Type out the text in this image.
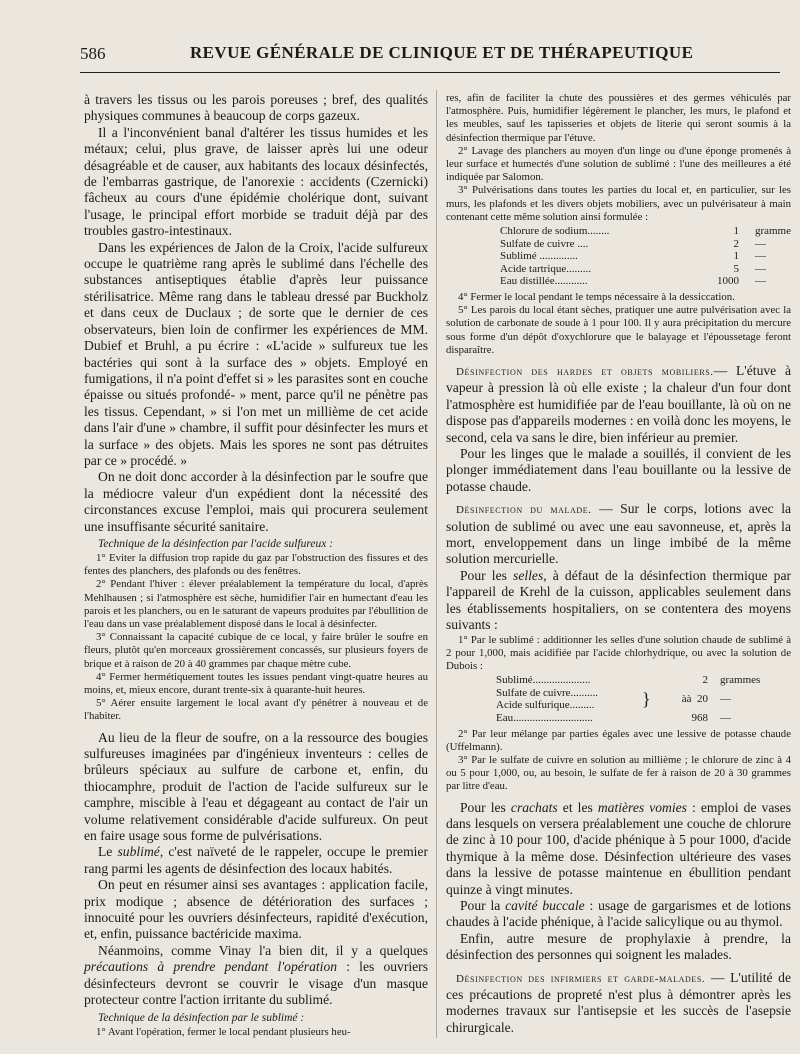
586	REVUE GÉNÉRALE DE CLINIQUE ET DE THÉRAPEUTIQUE

à travers les tissus ou les parois poreuses ; bref, des qualités physiques communes à beaucoup de corps gazeux.

Il a l'inconvénient banal d'altérer les tissus humides et les métaux; celui, plus grave, de laisser après lui une odeur désagréable et de causer, aux habitants des locaux désinfectés, de l'embarras gastrique, de l'anorexie : accidents (Czernicki) fâcheux au cours d'une épidémie cholérique dont, suivant l'usage, le principal effort morbide se traduit déjà par des troubles gastro-intestinaux.

Dans les expériences de Jalon de la Croix, l'acide sulfureux occupe le quatrième rang après le sublimé dans l'échelle des substances antiseptiques établie d'après leur puissance stérilisatrice. Même rang dans le tableau dressé par Buckholz et dans ceux de Duclaux ; de sorte que le dernier de ces observateurs, bien loin de confirmer les expériences de MM. Dubief et Bruhl, a pu écrire : «L'acide » sulfureux tue les bactéries qui sont à la surface des » objets. Employé en fumigations, il n'a point d'effet si » les parasites sont en couche épaisse ou situés profondé- » ment, parce qu'il ne pénètre pas les tissus. Cependant, » si l'on met un millième de cet acide dans l'air d'une » chambre, il suffit pour désinfecter les murs et la surface » des objets. Mais les spores ne sont pas détruites par ce » procédé. »

On ne doit donc accorder à la désinfection par le soufre que la médiocre valeur d'un expédient dont la nécessité des circonstances excuse l'emploi, mais qui procurera seulement une insuffisante sécurité sanitaire.

Technique de la désinfection par l'acide sulfureux :

1° Eviter la diffusion trop rapide du gaz par l'obstruction des fissures et des fentes des planchers, des plafonds ou des fenêtres.

2° Pendant l'hiver : élever préalablement la température du local, d'après Mehlhausen ; si l'atmosphère est sèche, humidifier l'air en humectant d'eau les parois et les planchers, ou en le saturant de vapeurs produites par l'ébullition de l'eau dans un vase préalablement disposé dans le local à désinfecter.

3° Connaissant la capacité cubique de ce local, y faire brûler le soufre en fleurs, plutôt qu'en morceaux grossièrement concassés, sur plusieurs foyers de brique et à raison de 20 à 40 grammes par chaque mètre cube.

4° Fermer hermétiquement toutes les issues pendant vingt-quatre heures au moins, et, mieux encore, durant trente-six à quarante-huit heures.

5° Aérer ensuite largement le local avant d'y pénétrer à nouveau et de l'habiter.

Au lieu de la fleur de soufre, on a la ressource des bougies sulfureuses imaginées par d'ingénieux inventeurs : celles de brûleurs spéciaux au sulfure de carbone et, enfin, du thiocamphre, produit de l'action de l'acide sulfureux sur le camphre, miscible à l'eau et dégageant au contact de l'air un volume relativement considérable d'acide sulfureux. On peut en faire usage sous forme de pulvérisations.

Le sublimé, c'est naïveté de le rappeler, occupe le premier rang parmi les agents de désinfection des locaux habités.

On peut en résumer ainsi ses avantages : application facile, prix modique ; absence de détérioration des surfaces ; innocuité pour les ouvriers désinfecteurs, rapidité d'exécution, et, enfin, puissance bactéricide maxima.

Néanmoins, comme Vinay l'a bien dit, il y a quelques précautions à prendre pendant l'opération : les ouvriers désinfecteurs devront se couvrir le visage d'un masque protecteur contre l'action irritante du sublimé.

Technique de la désinfection par le sublimé :

1° Avant l'opération, fermer le local pendant plusieurs heu-

res, afin de faciliter la chute des poussières et des germes véhiculés par l'atmosphère. Puis, humidifier légèrement le plancher, les murs, le plafond et les meubles, sauf les tapisseries et objets de literie qui seront soumis à la désinfection thermique par l'étuve.

2° Lavage des planchers au moyen d'un linge ou d'une éponge promenés à leur surface et humectés d'une solution de sublimé : l'une des meilleures a été indiquée par Salomon.

3° Pulvérisations dans toutes les parties du local et, en particulier, sur les murs, les plafonds et les divers objets mobiliers, avec un pulvérisateur à main contenant cette même solution ainsi formulée :

Chlorure de sodium........	1	gramme
Sulfate de cuivre ....	2	—
Sublimé ..............	1	—
Acide tartrique.........	5	—
Eau distillée............	1000	—

4° Fermer le local pendant le temps nécessaire à la dessiccation.

5° Les parois du local étant sèches, pratiquer une autre pulvérisation avec la solution de carbonate de soude à 1 pour 100. Il y aura précipitation du mercure sous forme d'un dépôt d'oxychlorure que le balayage et l'époussetage feront disparaître.

Désinfection des hardes et objets mobiliers.— L'étuve à vapeur à pression là où elle existe ; la chaleur d'un four dont l'atmosphère est humidifiée par de l'eau bouillante, là où on ne dispose pas d'appareils modernes : en voilà donc les moyens, le second, cela va sans le dire, bien inférieur au premier.

Pour les linges que le malade a souillés, il convient de les plonger immédiatement dans l'eau bouillante ou la lessive de potasse chaude.

Désinfection du malade. — Sur le corps, lotions avec la solution de sublimé ou avec une eau savonneuse, et, après la mort, enveloppement dans un linge imbibé de la même solution mercurielle.

Pour les selles, à défaut de la désinfection thermique par l'appareil de Krehl de la cuisson, applicables seulement dans les établissements hospitaliers, on se contentera des moyens suivants :

1° Par le sublimé : additionner les selles d'une solution chaude de sublimé à 2 pour 1,000, mais acidifiée par l'acide chlorhydrique, ou avec la solution de Dubois :

Sublimé.....................		2	grammes
Sulfate de cuivre..........	}	àà 20	—
Acide sulfurique.........			
Eau.............................		968	—

2° Par leur mélange par parties égales avec une lessive de potasse chaude (Uffelmann).

3° Par le sulfate de cuivre en solution au millième ; le chlorure de zinc à 4 ou 5 pour 1,000, ou, au besoin, le sulfate de fer à raison de 20 à 30 grammes par litre d'eau.

Pour les crachats et les matières vomies : emploi de vases dans lesquels on versera préalablement une couche de chlorure de zinc à 10 pour 100, d'acide phénique à 5 pour 1000, d'acide thymique à la même dose. Désinfection ultérieure des vases dans la lessive de potasse maintenue en ébullition pendant quinze à vingt minutes.

Pour la cavité buccale : usage de gargarismes et de lotions chaudes à l'acide phénique, à l'acide salicylique ou au thymol.

Enfin, autre mesure de prophylaxie à prendre, la désinfection des personnes qui soignent les malades.

Désinfection des infirmiers et garde-malades. — L'utilité de ces précautions de propreté n'est plus à démontrer après les modernes travaux sur l'antisepsie et les succès de l'asepsie chirurgicale.
